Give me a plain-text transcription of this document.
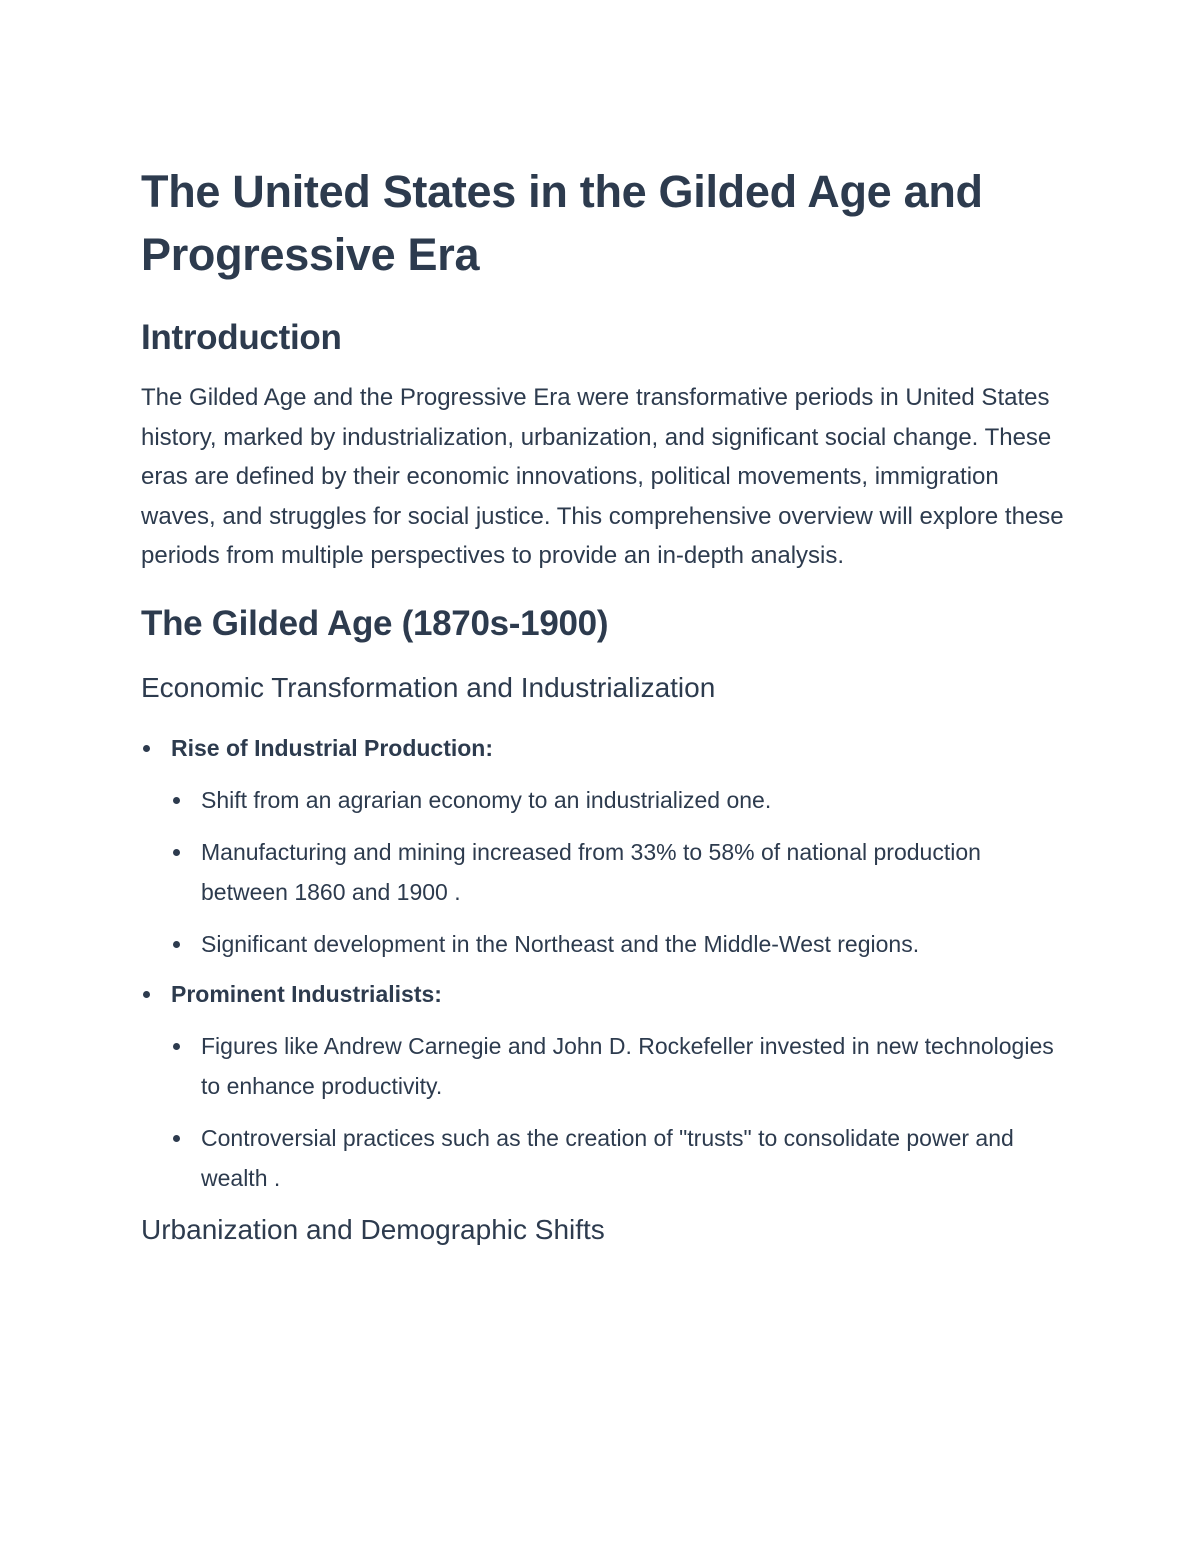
The United States in the Gilded Age and Progressive Era
Introduction

The Gilded Age and the Progressive Era were transformative periods in United States history, marked by industrialization, urbanization, and significant social change. These eras are defined by their economic innovations, political movements, immigration waves, and struggles for social justice. This comprehensive overview will explore these periods from multiple perspectives to provide an in-depth analysis.

The Gilded Age (1870s-1900)
Economic Transformation and Industrialization
Rise of Industrial Production:
Shift from an agrarian economy to an industrialized one.
Manufacturing and mining increased from 33% to 58% of national production between 1860 and 1900 .
Significant development in the Northeast and the Middle-West regions.
Prominent Industrialists:
Figures like Andrew Carnegie and John D. Rockefeller invested in new technologies to enhance productivity.
Controversial practices such as the creation of "trusts" to consolidate power and wealth .
Urbanization and Demographic Shifts
